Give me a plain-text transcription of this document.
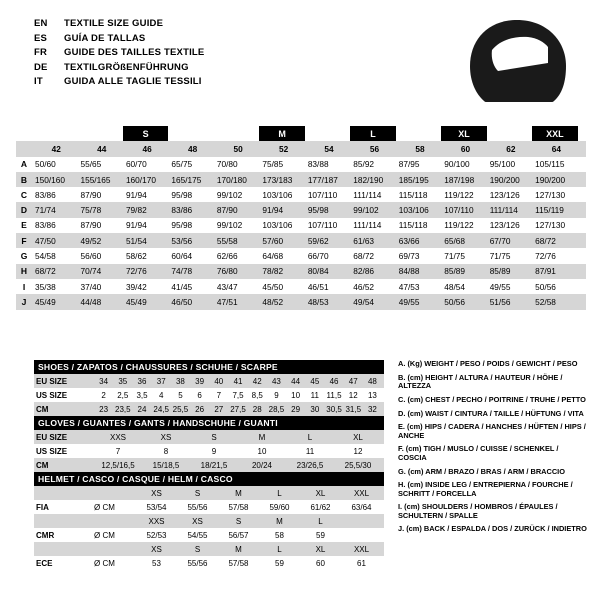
EN	TEXTILE SIZE GUIDE
ES	GUÍA DE TALLAS
FR	GUIDE DES TAILLES TEXTILE
DE	TEXTILGRÖßENFÜHRUNG
IT	GUIDA ALLE TAGLIE TESSILI
			S			M		L		XL		XXL		
	42	44	46	48	50	52	54	56	58	60	62	64		
A	50/60	55/65	60/70	65/75	70/80	75/85	83/88	85/92	87/95	90/100	95/100	105/115		
B	150/160	155/165	160/170	165/175	170/180	173/183	177/187	182/190	185/195	187/198	190/200	190/200		
C	83/86	87/90	91/94	95/98	99/102	103/106	107/110	111/114	115/118	119/122	123/126	127/130		
D	71/74	75/78	79/82	83/86	87/90	91/94	95/98	99/102	103/106	107/110	111/114	115/119		
E	83/86	87/90	91/94	95/98	99/102	103/106	107/110	111/114	115/118	119/122	123/126	127/130		
F	47/50	49/52	51/54	53/56	55/58	57/60	59/62	61/63	63/66	65/68	67/70	68/72		
G	54/58	56/60	58/62	60/64	62/66	64/68	66/70	68/72	69/73	71/75	71/75	72/76		
H	68/72	70/74	72/76	74/78	76/80	78/82	80/84	82/86	84/88	85/89	85/89	87/91		
I	35/38	37/40	39/42	41/45	43/47	45/50	46/51	46/52	47/53	48/54	49/55	50/56		
J	45/49	44/48	45/49	46/50	47/51	48/52	48/53	49/54	49/55	50/56	51/56	52/58		
SHOES / ZAPATOS / CHAUSSURES / SCHUHE / SCARPE	

EU SIZE	34	35	36	37	38	39	40	41	42	43	44	45	46	47	48

US SIZE	2	2,5	3,5	4	5	6	7	7,5	8,5	9	10	11 11,5 12	13

CM	23 23,5 24 24,5 25,5 26	27 27,5 28 28,5 29	30 30,5 31,5 32

GLOVES / GUANTES / GANTS / HANDSCHUHE / GUANTI	

EU SIZE	XXS	XS	S	M	L	XL

US SIZE	7	8	9	10	11	12

CM	12,5/16,5	15/18,5	18/21,5	20/24	23/26,5	25,5/30
HELMET / CASCO / CASQUE / HELM / CASCO

XS	S	M	L	XL	XXL

FIA	Ø CM	53/54	55/56	57/58	59/60	61/62	63/64

		XXS XS S M L

CMR	Ø CM	52/53 54/55 56/57 58 59

XS	S	M	L	XL	XXL

ECE	Ø CM	53	55/56	57/58	59	60	61

A. (Kg) WEIGHT / PESO / POIDS / GEWICHT / PESO

B. (cm) HEIGHT / ALTURA / HAUTEUR / HÖHE / ALTEZZA

C. (cm) CHEST / PECHO / POITRINE / TRUHE / PETTO

D. (cm) WAIST / CINTURA / TAILLE / HÜFTUNG / VITA

E. (cm) HIPS / CADERA / HANCHES / HÜFTEN / HIPS / ANCHE

F. (cm) TIGH / MUSLO / CUISSE / SCHENKEL / COSCIA

G. (cm) ARM / BRAZO / BRAS / ARM / BRACCIO

H. (cm) INSIDE LEG / ENTREPIERNA / FOURCHE / SCHRITT / FORCELLA

I. (cm) SHOULDERS / HOMBROS / ÉPAULES / SCHULTERN / SPALLE

J. (cm) BACK / ESPALDA / DOS / ZURÜCK / INDIETRO
